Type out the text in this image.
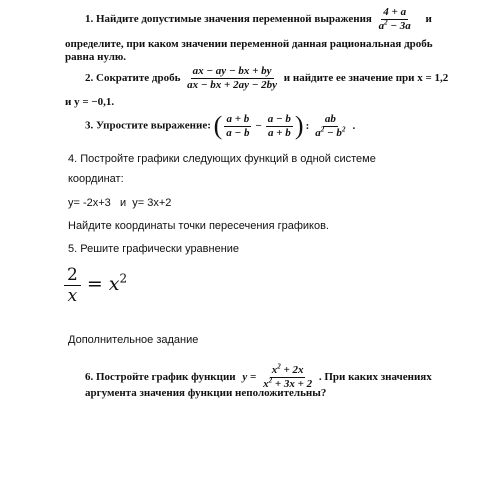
1. Найдите допустимые значения переменной выражения $\frac{4 + a}{a^2 - 3a}$ и
определите, при каком значении переменной данная рациональная дробь
равна нулю.
2. Сократите дробь $\frac{ax - ay - bx + by}{ax - bx + 2ay - 2by}$ и найдите ее значение при x = 1,2
и y = −0,1.
3. Упростите выражение: ( $\frac{a + b}{a - b} - \frac{a - b}{a + b}$ ) : $\frac{ab}{a^2 - b^2}$ .
4. Постройте графики следующих функций в одной системе
координат:
y= -2x+3   и  y= 3x+2
Найдите координаты точки пересечения графиков.
5. Решите графически уравнение
$\frac{2}{x} = x^2$
Дополнительное задание
6. Постройте график функции $y = \frac{x^2 + 2x}{x^2 + 3x + 2}$ . При каких значениях
аргумента значения функции неположительны?
